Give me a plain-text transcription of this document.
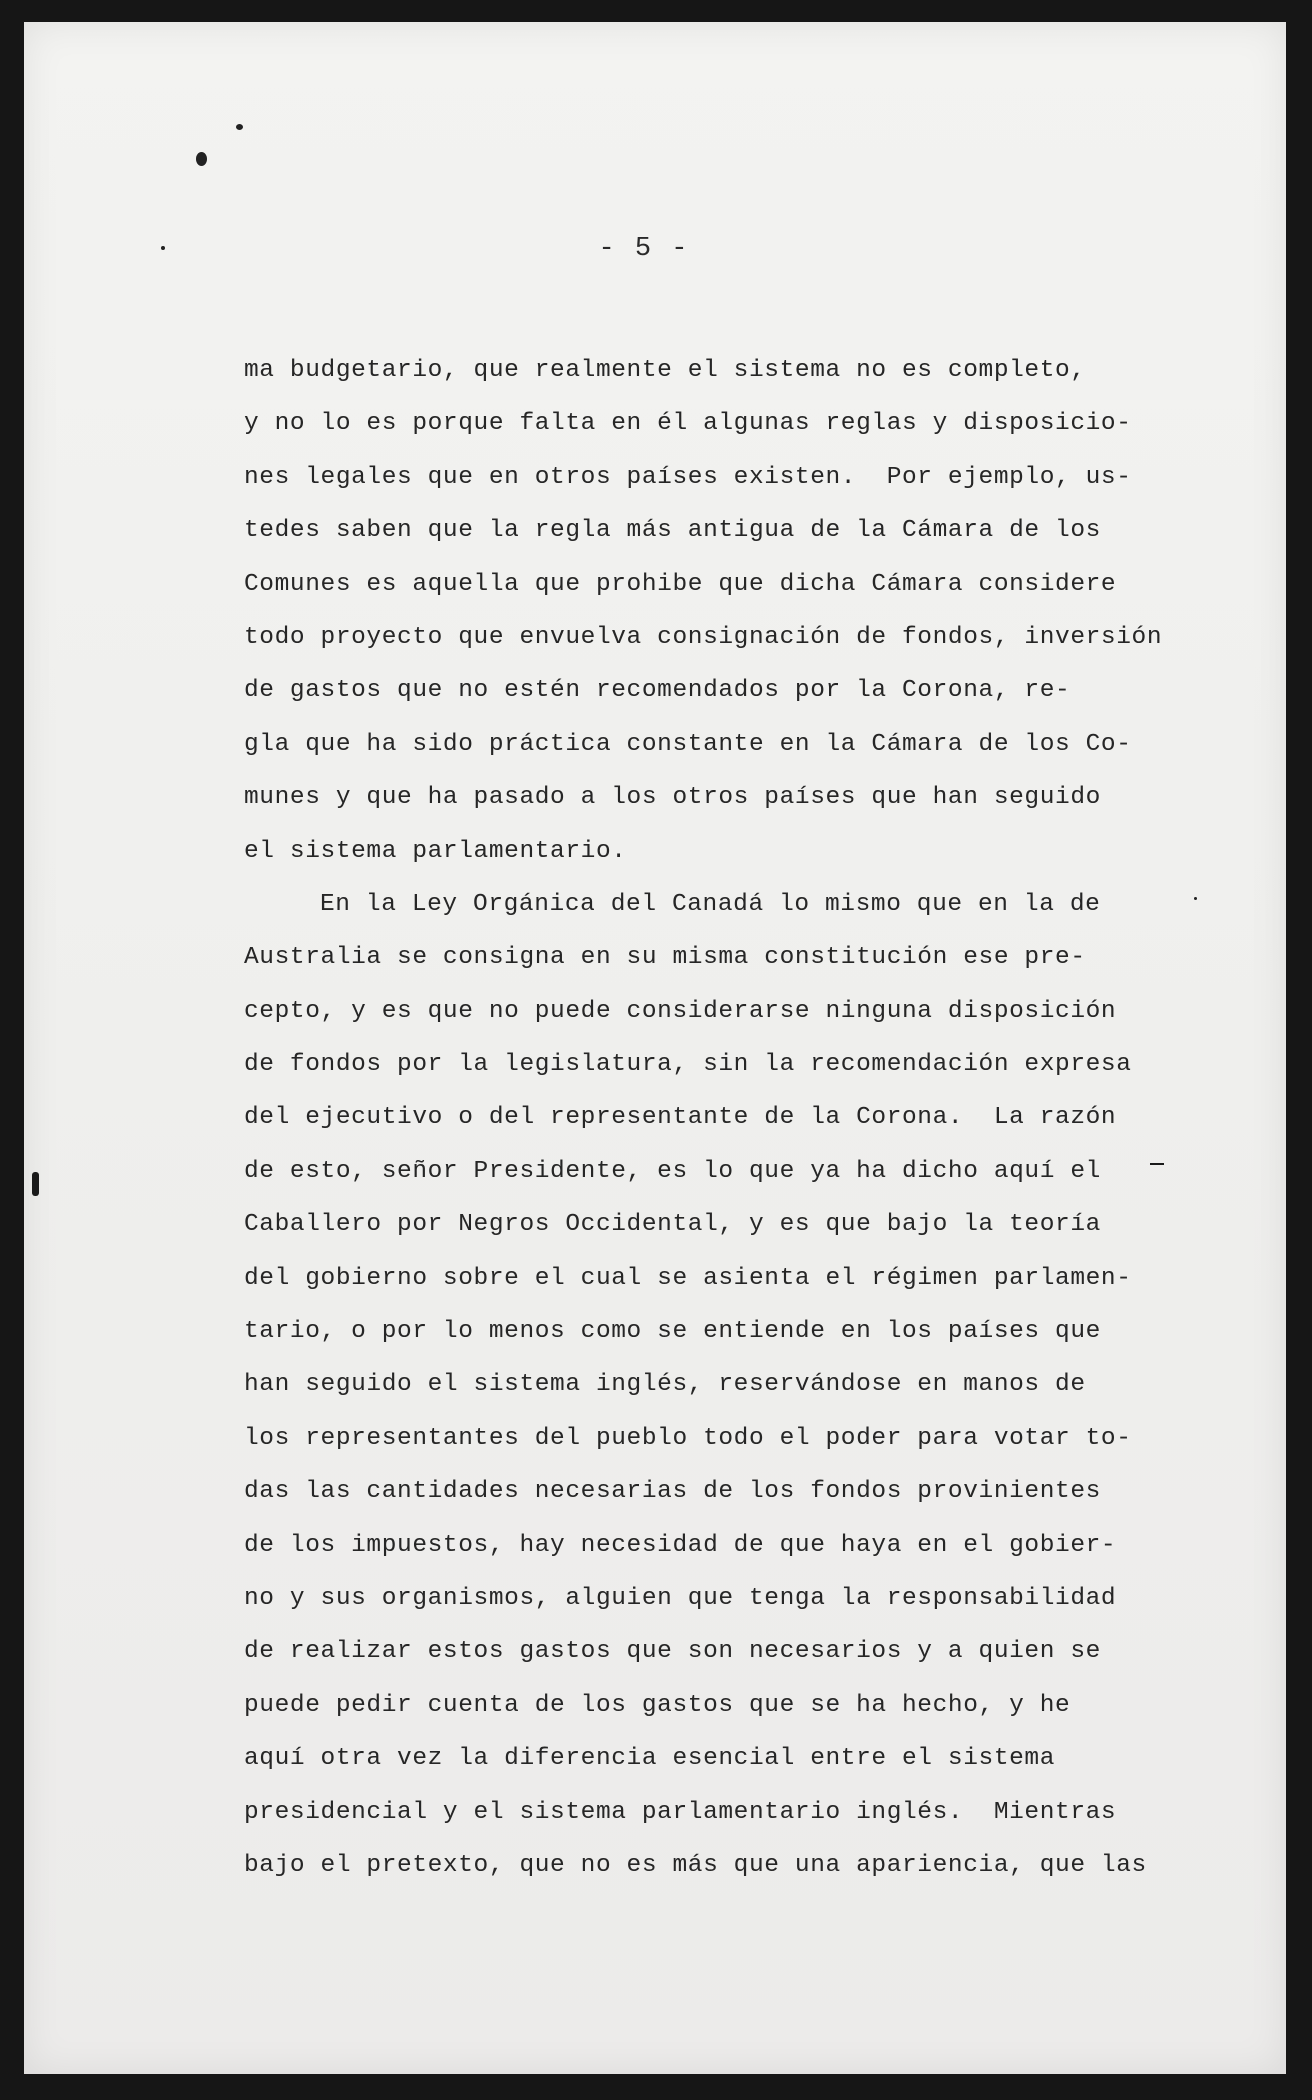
- 5 -
ma budgetario, que realmente el sistema no es completo,
y no lo es porque falta en él algunas reglas y disposicio-
nes legales que en otros países existen.  Por ejemplo, us-
tedes saben que la regla más antigua de la Cámara de los
Comunes es aquella que prohibe que dicha Cámara considere
todo proyecto que envuelva consignación de fondos, inversión
de gastos que no estén recomendados por la Corona, re-
gla que ha sido práctica constante en la Cámara de los Co-
munes y que ha pasado a los otros países que han seguido
el sistema parlamentario.
En la Ley Orgánica del Canadá lo mismo que en la de
Australia se consigna en su misma constitución ese pre-
cepto, y es que no puede considerarse ninguna disposición
de fondos por la legislatura, sin la recomendación expresa
del ejecutivo o del representante de la Corona.  La razón
de esto, señor Presidente, es lo que ya ha dicho aquí el
Caballero por Negros Occidental, y es que bajo la teoría
del gobierno sobre el cual se asienta el régimen parlamen-
tario, o por lo menos como se entiende en los países que
han seguido el sistema inglés, reservándose en manos de
los representantes del pueblo todo el poder para votar to-
das las cantidades necesarias de los fondos provinientes
de los impuestos, hay necesidad de que haya en el gobier-
no y sus organismos, alguien que tenga la responsabilidad
de realizar estos gastos que son necesarios y a quien se
puede pedir cuenta de los gastos que se ha hecho, y he
aquí otra vez la diferencia esencial entre el sistema
presidencial y el sistema parlamentario inglés.  Mientras
bajo el pretexto, que no es más que una apariencia, que las
